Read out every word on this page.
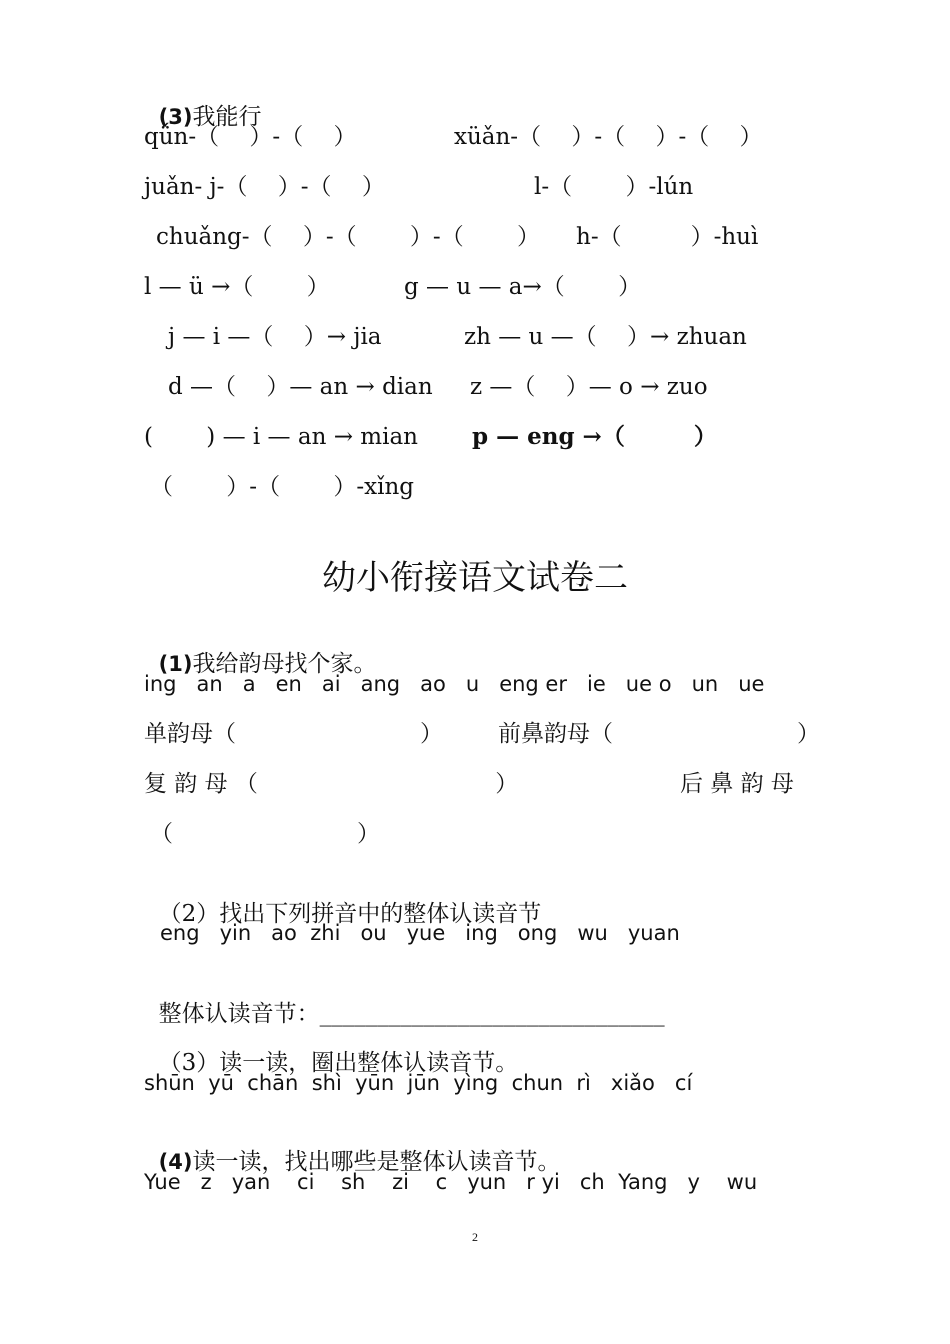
(3)我能行

qǘn-（　 ）-（　 ）	xüǎn-（　 ）-（　 ）-（　 ）
juǎn- j-（　 ）-（　 ）	l-（　　 ）-lún
chuǎng-（　 ）-（　　 ）-（　　 ） h-（　　　）-huì
l — ü →（　　 ）	g — u — a→（　　 ）
j — i —（　 ）→ jia	zh — u —（　 ）→ zhuan
d —（　 ）— an → dian z —（　 ）— o → zuo
(　　 ) — i — an → mian p — eng →（　　　）
（　　 ）-（　　 ）-xǐng
幼小衔接语文试卷二

(1)我给韵母找个家。

ing   an   a   en   ai   ang   ao   u   eng er   ie   ue o   un   ue
单韵母（　　　　　　　　） 前鼻韵母（　　　　　　　　）
复 韵 母 （　　　　　　　　　　 ）	后 鼻 韵 母
（　　　　　　　　）

（2）找出下列拼音中的整体认读音节

eng   yin   ao  zhi   ou   yue   ing   ong   wu   yuan

整体认读音节：______________________________

（3）读一读，圈出整体认读音节。

shūn  yū  chān  shì  yūn  jūn  yìng  chun  rì   xiǎo   cí

(4)读一读，找出哪些是整体认读音节。

Yue   z   yan    ci    sh    zi    c   yun   r yi   ch  Yang   y    wu
2
